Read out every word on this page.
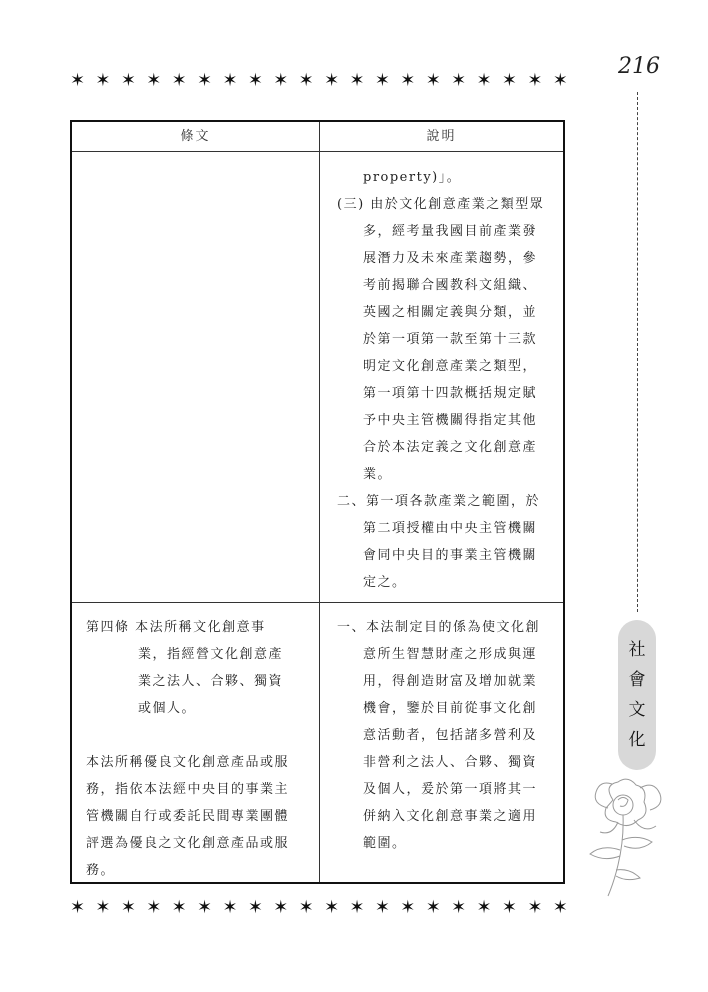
✶ ✶ ✶ ✶ ✶ ✶ ✶ ✶ ✶ ✶ ✶ ✶ ✶ ✶ ✶ ✶ ✶ ✶ ✶ ✶
216
社
會
文
化
條文	說明
property)」。
(三) 由於文化創意產業之類型眾
多，經考量我國目前產業發
展潛力及未來產業趨勢，參
考前揭聯合國教科文組織、
英國之相關定義與分類，並
於第一項第一款至第十三款
明定文化創意產業之類型，
第一項第十四款概括規定賦
予中央主管機關得指定其他
合於本法定義之文化創意產
業。
二、第一項各款產業之範圍，於
第二項授權由中央主管機關
會同中央目的事業主管機關
定之。
第四條 本法所稱文化創意事
業，指經營文化創意產
業之法人、合夥、獨資
或個人。
本法所稱優良文化創意產品或服
務，指依本法經中央目的事業主
管機關自行或委託民間專業團體
評選為優良之文化創意產品或服
務。
一、本法制定目的係為使文化創
意所生智慧財產之形成與運
用，得創造財富及增加就業
機會，鑒於目前從事文化創
意活動者，包括諸多營利及
非營利之法人、合夥、獨資
及個人，爰於第一項將其一
併納入文化創意事業之適用
範圍。
✶ ✶ ✶ ✶ ✶ ✶ ✶ ✶ ✶ ✶ ✶ ✶ ✶ ✶ ✶ ✶ ✶ ✶ ✶ ✶
